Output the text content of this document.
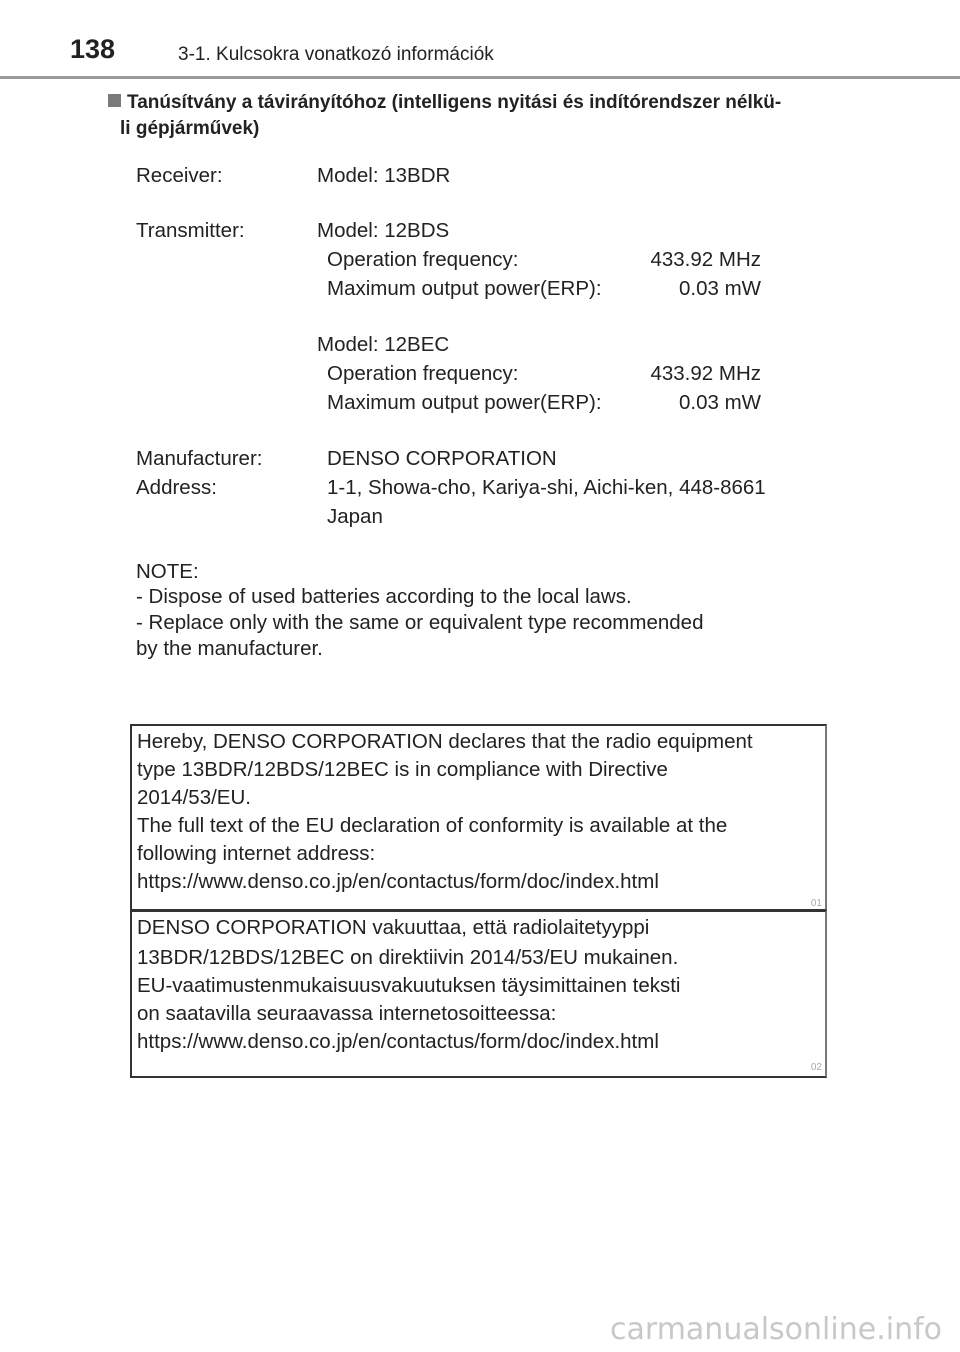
138	3-1. Kulcsokra vonatkozó információk
Tanúsítvány a távirányítóhoz (intelligens nyitási és indítórendszer nélkü-
li gépjárművek)
Receiver:	Model: 13BDR
Transmitter:	Model: 12BDS
Operation frequency:	433.92 MHz
Maximum output power(ERP):	0.03 mW
Model: 12BEC
Operation frequency:	433.92 MHz
Maximum output power(ERP):	0.03 mW
Manufacturer:	DENSO CORPORATION
Address:	1-1, Showa-cho, Kariya-shi, Aichi-ken, 448-8661
Japan
NOTE:
- Dispose of used batteries according to the local laws.
- Replace only with the same or equivalent type recommended
by the manufacturer.
Hereby, DENSO CORPORATION declares that the radio equipment
type 13BDR/12BDS/12BEC is in compliance with Directive
2014/53/EU.
The full text of the EU declaration of conformity is available at the
following internet address:
https://www.denso.co.jp/en/contactus/form/doc/index.html
01
DENSO CORPORATION vakuuttaa, että radiolaitetyyppi
13BDR/12BDS/12BEC on direktiivin 2014/53/EU mukainen.
EU-vaatimustenmukaisuusvakuutuksen täysimittainen teksti
on saatavilla seuraavassa internetosoitteessa:
https://www.denso.co.jp/en/contactus/form/doc/index.html
02
carmanualsonline.info
